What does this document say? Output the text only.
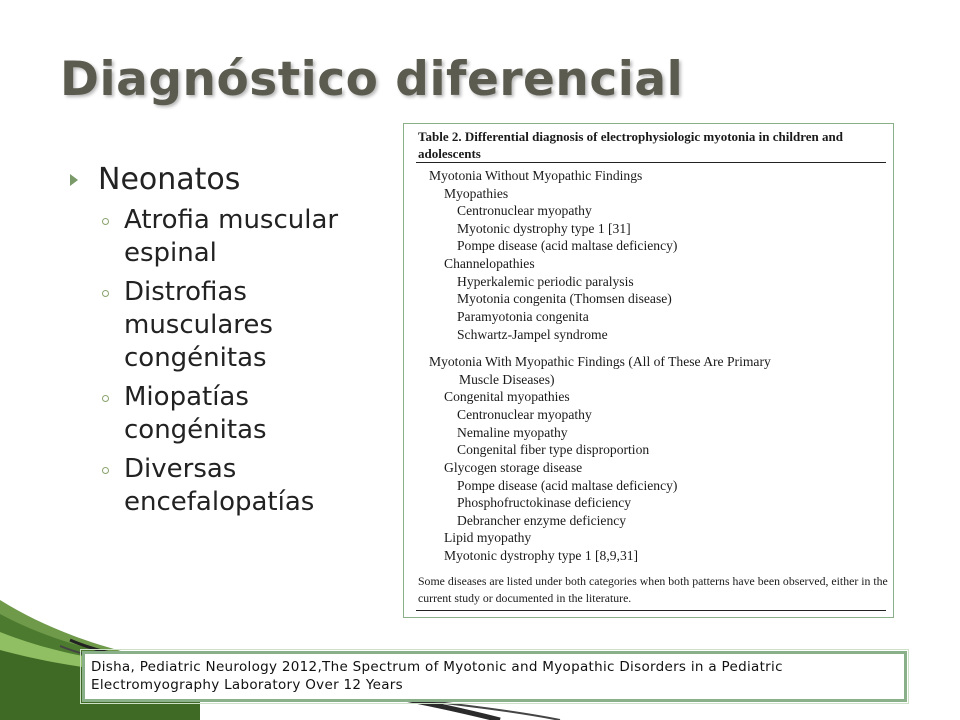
Diagnóstico diferencial
Neonatos
Atrofia muscular espinal
Distrofias musculares congénitas
Miopatías congénitas
Diversas encefalopatías
Table 2. Differential diagnosis of electrophysiologic myotonia in children and adolescents
Myotonia Without Myopathic Findings
Myopathies
Centronuclear myopathy
Myotonic dystrophy type 1 [31]
Pompe disease (acid maltase deficiency)
Channelopathies
Hyperkalemic periodic paralysis
Myotonia congenita (Thomsen disease)
Paramyotonia congenita
Schwartz-Jampel syndrome
Myotonia With Myopathic Findings (All of These Are Primary
Muscle Diseases)
Congenital myopathies
Centronuclear myopathy
Nemaline myopathy
Congenital fiber type disproportion
Glycogen storage disease
Pompe disease (acid maltase deficiency)
Phosphofructokinase deficiency
Debrancher enzyme deficiency
Lipid myopathy
Myotonic dystrophy type 1 [8,9,31]
Some diseases are listed under both categories when both patterns have been observed, either in the current study or documented in the literature.
Disha, Pediatric Neurology 2012,The Spectrum of Myotonic and Myopathic Disorders in a Pediatric
Electromyography Laboratory Over 12 Years
